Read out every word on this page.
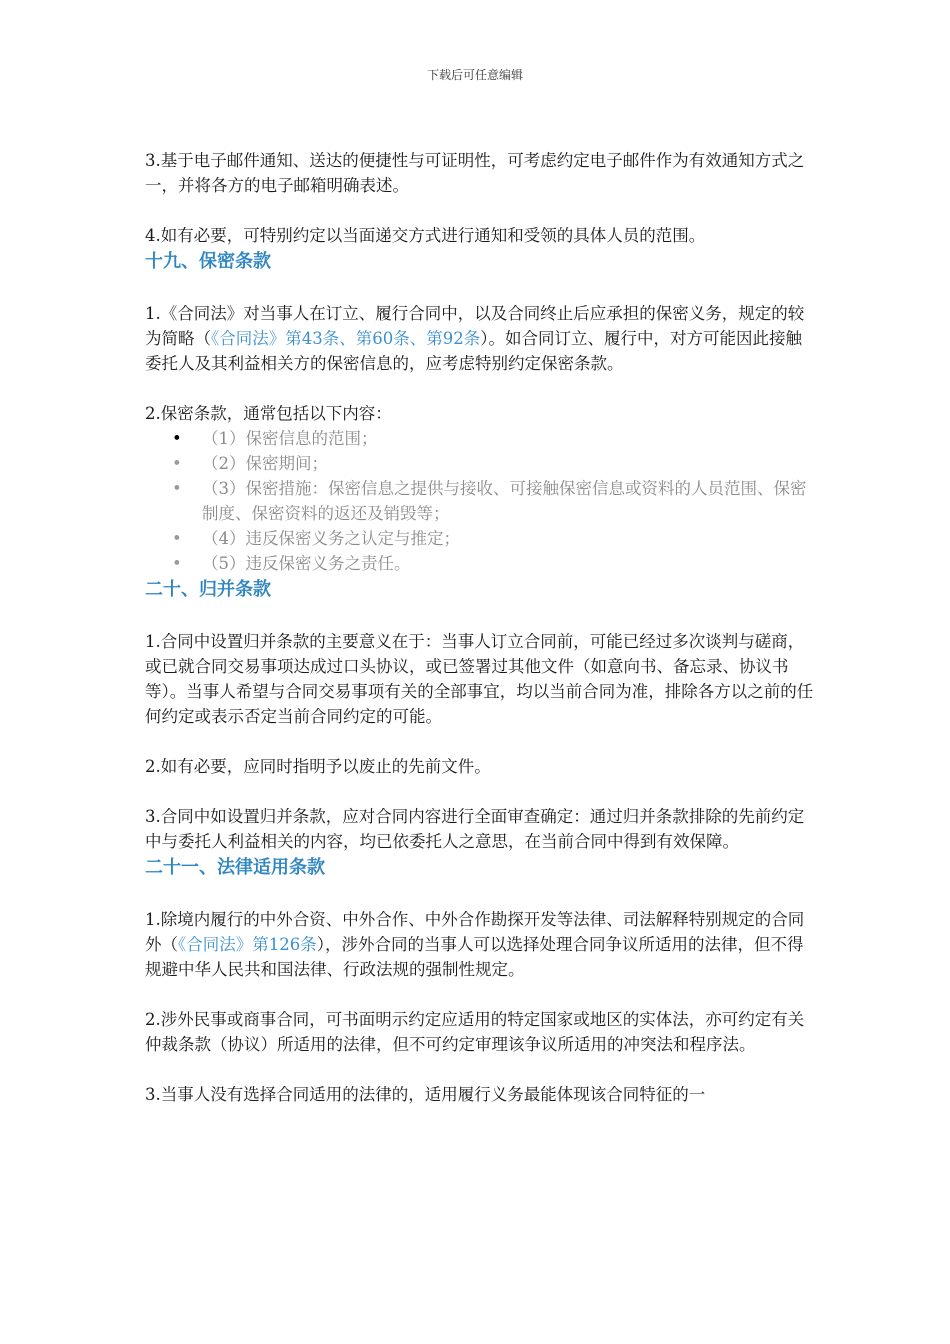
下载后可任意编辑

3.基于电子邮件通知、送达的便捷性与可证明性，可考虑约定电子邮件作为有效通知方式之一，并将各方的电子邮箱明确表述。

4.如有必要，可特别约定以当面递交方式进行通知和受领的具体人员的范围。

十九、保密条款

1.《合同法》对当事人在订立、履行合同中，以及合同终止后应承担的保密义务，规定的较为简略（《合同法》第43条、第60条、第92条）。如合同订立、履行中，对方可能因此接触委托人及其利益相关方的保密信息的，应考虑特别约定保密条款。

2.保密条款，通常包括以下内容：

• （1）保密信息的范围；
• （2）保密期间；
• （3）保密措施：保密信息之提供与接收、可接触保密信息或资料的人员范围、保密制度、保密资料的返还及销毁等；
• （4）违反保密义务之认定与推定；
• （5）违反保密义务之责任。
二十、归并条款

1.合同中设置归并条款的主要意义在于：当事人订立合同前，可能已经过多次谈判与磋商，或已就合同交易事项达成过口头协议，或已签署过其他文件（如意向书、备忘录、协议书等）。当事人希望与合同交易事项有关的全部事宜，均以当前合同为准，排除各方以之前的任何约定或表示否定当前合同约定的可能。

2.如有必要，应同时指明予以废止的先前文件。

3.合同中如设置归并条款，应对合同内容进行全面审查确定：通过归并条款排除的先前约定中与委托人利益相关的内容，均已依委托人之意思，在当前合同中得到有效保障。

二十一、法律适用条款

1.除境内履行的中外合资、中外合作、中外合作勘探开发等法律、司法解释特别规定的合同外（《合同法》第126条），涉外合同的当事人可以选择处理合同争议所适用的法律，但不得规避中华人民共和国法律、行政法规的强制性规定。

2.涉外民事或商事合同，可书面明示约定应适用的特定国家或地区的实体法，亦可约定有关仲裁条款（协议）所适用的法律，但不可约定审理该争议所适用的冲突法和程序法。

3.当事人没有选择合同适用的法律的，适用履行义务最能体现该合同特征的一
